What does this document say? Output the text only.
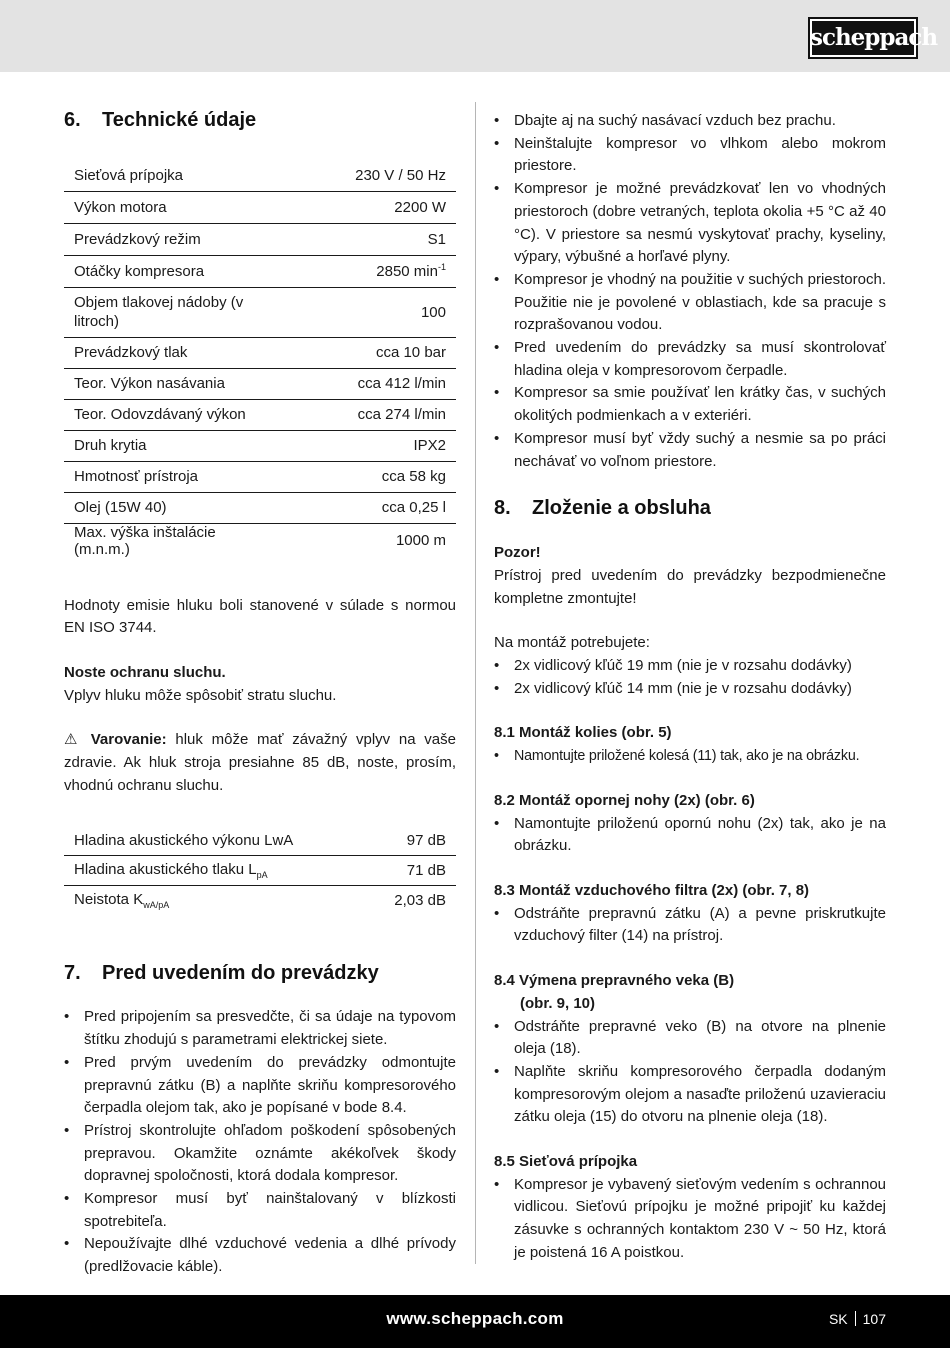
scheppach
6. Technické údaje
Sieťová prípojka	230 V / 50 Hz
Výkon motora	2200 W
Prevádzkový režim	S1
Otáčky kompresora	2850 $\min^{-1}$
Objem tlakovej nádoby (v litroch)	100
Prevádzkový tlak	cca 10 bar
Teor. Výkon nasávania	cca 412 l/min
Teor. Odovzdávaný výkon	cca 274 l/min
Druh krytia	IPX2
Hmotnosť prístroja	cca 58 kg
Olej (15W 40)	cca 0,25 l
Max. výška inštalácie (m.n.m.)	1000 m

Hodnoty emisie hluku boli stanovené v súlade s normou EN ISO 3744.

Noste ochranu sluchu.

Vplyv hluku môže spôsobiť stratu sluchu.

⚠ Varovanie: hluk môže mať závažný vplyv na vaše zdravie. Ak hluk stroja presiahne 85 dB, noste, prosím, vhodnú ochranu sluchu.

Hladina akustického výkonu LwA	97 dB
Hladina akustického tlaku $L_{pA}$	71 dB
Neistota $K_{wA/pA}$	2,03 dB
7. Pred uvedením do prevádzky
• Pred pripojením sa presvedčte, či sa údaje na typovom štítku zhodujú s parametrami elektrickej siete.
• Pred prvým uvedením do prevádzky odmontujte prepravnú zátku (B) a naplňte skriňu kompresorového čerpadla olejom tak, ako je popísané v bode 8.4.
• Prístroj skontrolujte ohľadom poškodení spôsobených prepravou. Okamžite oznámte akékoľvek škody dopravnej spoločnosti, ktorá dodala kompresor.
• Kompresor musí byť nainštalovaný v blízkosti spotrebiteľa.
• Nepoužívajte dlhé vzduchové vedenia a dlhé prívody (predlžovacie káble).
• Dbajte aj na suchý nasávací vzduch bez prachu.
• Neinštalujte kompresor vo vlhkom alebo mokrom priestore.
• Kompresor je možné prevádzkovať len vo vhodných priestoroch (dobre vetraných, teplota okolia +5 °C až 40 °C). V priestore sa nesmú vyskytovať prachy, kyseliny, výpary, výbušné a horľavé plyny.
• Kompresor je vhodný na použitie v suchých priestoroch. Použitie nie je povolené v oblastiach, kde sa pracuje s rozprašovanou vodou.
• Pred uvedením do prevádzky sa musí skontrolovať hladina oleja v kompresorovom čerpadle.
• Kompresor sa smie používať len krátky čas, v suchých okolitých podmienkach a v exteriéri.
• Kompresor musí byť vždy suchý a nesmie sa po práci nechávať vo voľnom priestore.
8. Zloženie a obsluha

Pozor!

Prístroj pred uvedením do prevádzky bezpodmienečne kompletne zmontujte!

Na montáž potrebujete:

• 2x vidlicový kľúč 19 mm (nie je v rozsahu dodávky)
• 2x vidlicový kľúč 14 mm (nie je v rozsahu dodávky)

8.1 Montáž kolies (obr. 5)

• Namontujte priložené kolesá (11) tak, ako je na obrázku.

8.2 Montáž opornej nohy (2x) (obr. 6)

• Namontujte priloženú opornú nohu (2x) tak, ako je na obrázku.

8.3 Montáž vzduchového filtra (2x) (obr. 7, 8)

• Odstráňte prepravnú zátku (A) a pevne priskrutkujte vzduchový filter (14) na prístroj.

8.4 Výmena prepravného veka (B)

(obr. 9, 10)

• Odstráňte prepravné veko (B) na otvore na plnenie oleja (18).
• Naplňte skriňu kompresorového čerpadla dodaným kompresorovým olejom a nasaďte priloženú uzavieraciu zátku oleja (15) do otvoru na plnenie oleja (18).

8.5 Sieťová prípojka

• Kompresor je vybavený sieťovým vedením s ochrannou vidlicou. Sieťovú prípojku je možné pripojiť ku každej zásuvke s ochranných kontaktom 230 V ~ 50 Hz, ktorá je poistená 16 A poistkou.
www.scheppach.com	SK 107
